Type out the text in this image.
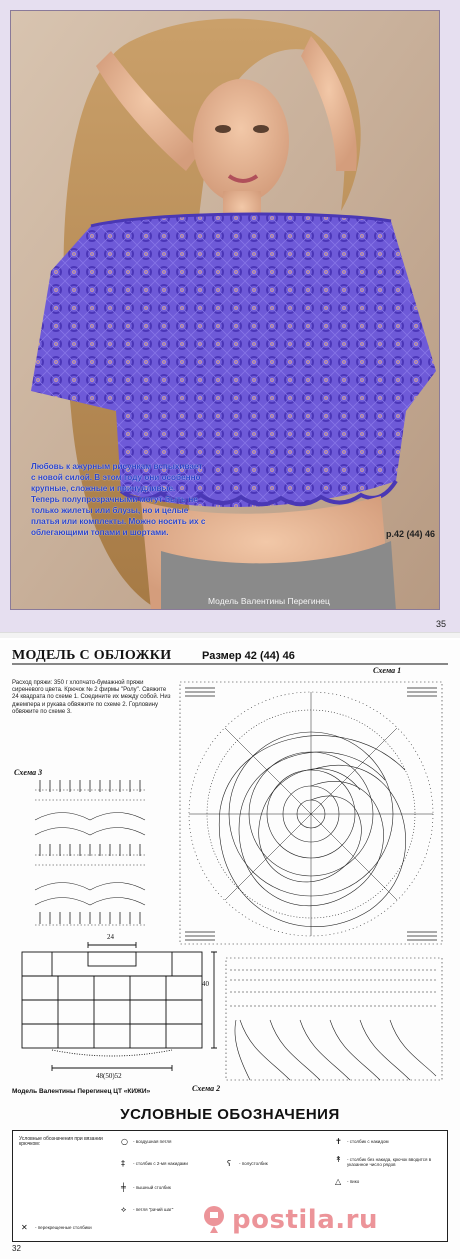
Любовь к ажурным рисункам вспыхивает с новой силой. В этом году они особенно крупные, сложные и причудливые. Теперь полупрозрачными могут быть не только жилеты или блузы, но и целые платья или комплекты. Можно носить их с облегающими топами и шортами.	р.42 (44) 46
Модель Валентины Перегинец
35
МОДЕЛЬ С ОБЛОЖКИ	Размер 42 (44) 46
Расход пряжи: 350 г хлопчато-бумажной пряжи сиреневого цвета. Крючок № 2 фирмы "Ролу". Свяжите 24 квадрата по схеме 1. Соедините их между собой. Низ джемпера и рукава обвяжите по схеме 2. Горловину обвяжите по схеме 3.
Схема 1
Схема 3
Схема 2
24
40
48(50)52
Модель Валентины Перегинец ЦТ «КИЖИ»
УСЛОВНЫЕ ОБОЗНАЧЕНИЯ
Условные обозначения при вязании крючком:	○ - воздушная петля
‡ - столбик с 2-мя накидами
╪ - пышный столбик
⟡ - петля "рачий шаг"
ʕ - полустолбик
✝ - столбик с накидом
↟ - столбик без накида, крючок вводится в указанное число рядов
△ - пико
✕ - перекрещенные столбики	postila.ru
32
